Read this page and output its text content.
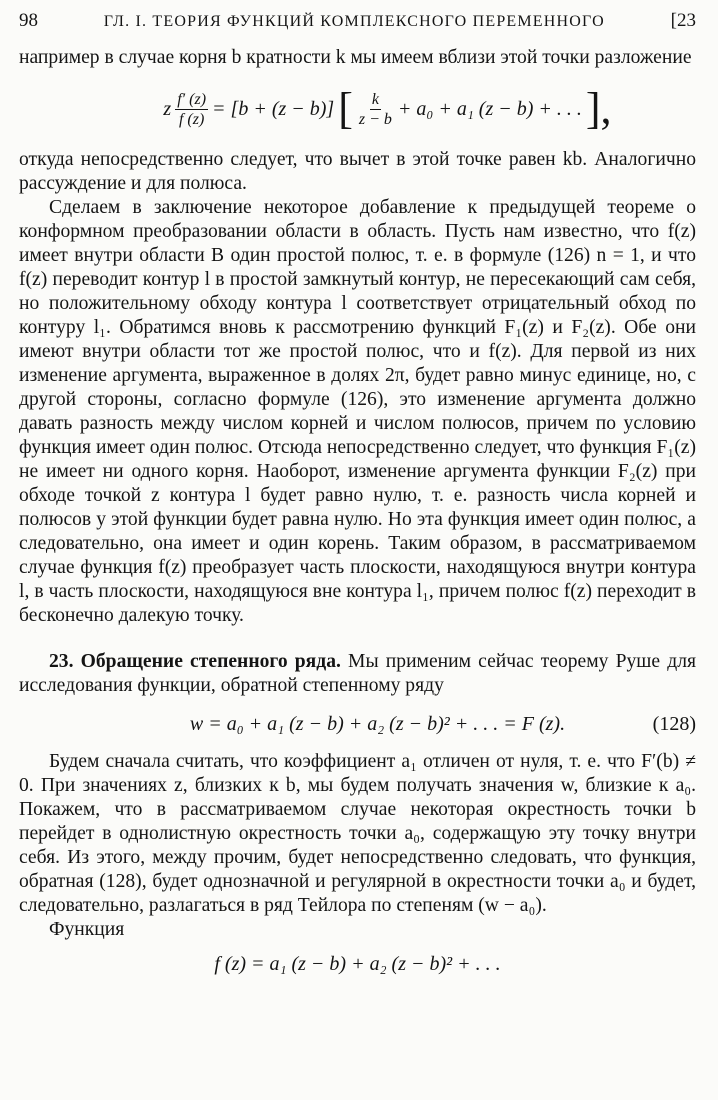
98	ГЛ. I. ТЕОРИЯ ФУНКЦИЙ КОМПЛЕКСНОГО ПЕРЕМЕННОГО	[23

например в случае корня b кратности k мы имеем вблизи этой точки разложение

z $\frac{f' (z)}{f (z)} = [b + (z - b)]$ [ $\frac{k}{z - b} + a_0 + a_1$ (z − b) + . . . ],

откуда непосредственно следует, что вычет в этой точке равен kb. Аналогично рассуждение и для полюса.

Сделаем в заключение некоторое добавление к предыдущей теореме о конформном преобразовании области в область. Пусть нам известно, что f(z) имеет внутри области B один простой полюс, т. е. в формуле (126) n = 1, и что f(z) переводит контур l в простой замкнутый контур, не пересекающий сам себя, но положительному обходу контура l соответствует отрицательный обход по контуру l₁. Обратимся вновь к рассмотрению функций F₁(z) и F₂(z). Обе они имеют внутри области тот же простой полюс, что и f(z). Для первой из них изменение аргумента, выраженное в долях 2π, будет равно минус единице, но, с другой стороны, согласно формуле (126), это изменение аргумента должно давать разность между числом корней и числом полюсов, причем по условию функция имеет один полюс. Отсюда непосредственно следует, что функция F₁(z) не имеет ни одного корня. Наоборот, изменение аргумента функции F₂(z) при обходе точкой z контура l будет равно нулю, т. е. разность числа корней и полюсов у этой функции будет равна нулю. Но эта функция имеет один полюс, а следовательно, она имеет и один корень. Таким образом, в рассматриваемом случае функция f(z) преобразует часть плоскости, находящуюся внутри контура l, в часть плоскости, находящуюся вне контура l₁, причем полюс f(z) переходит в бесконечно далекую точку.

23. Обращение степенного ряда. Мы применим сейчас теорему Руше для исследования функции, обратной степенному ряду

w = a₀ + a₁ (z − b) + a₂ (z − b)² + . . . = F (z).	(128)

Будем сначала считать, что коэффициент a₁ отличен от нуля, т. е. что F′(b) ≠ 0. При значениях z, близких к b, мы будем получать значения w, близкие к a₀. Покажем, что в рассматриваемом случае некоторая окрестность точки b перейдет в однолистную окрестность точки a₀, содержащую эту точку внутри себя. Из этого, между прочим, будет непосредственно следовать, что функция, обратная (128), будет однозначной и регулярной в окрестности точки a₀ и будет, следовательно, разлагаться в ряд Тейлора по степеням (w − a₀).

Функция

f (z) = a₁ (z − b) + a₂ (z − b)² + . . .
